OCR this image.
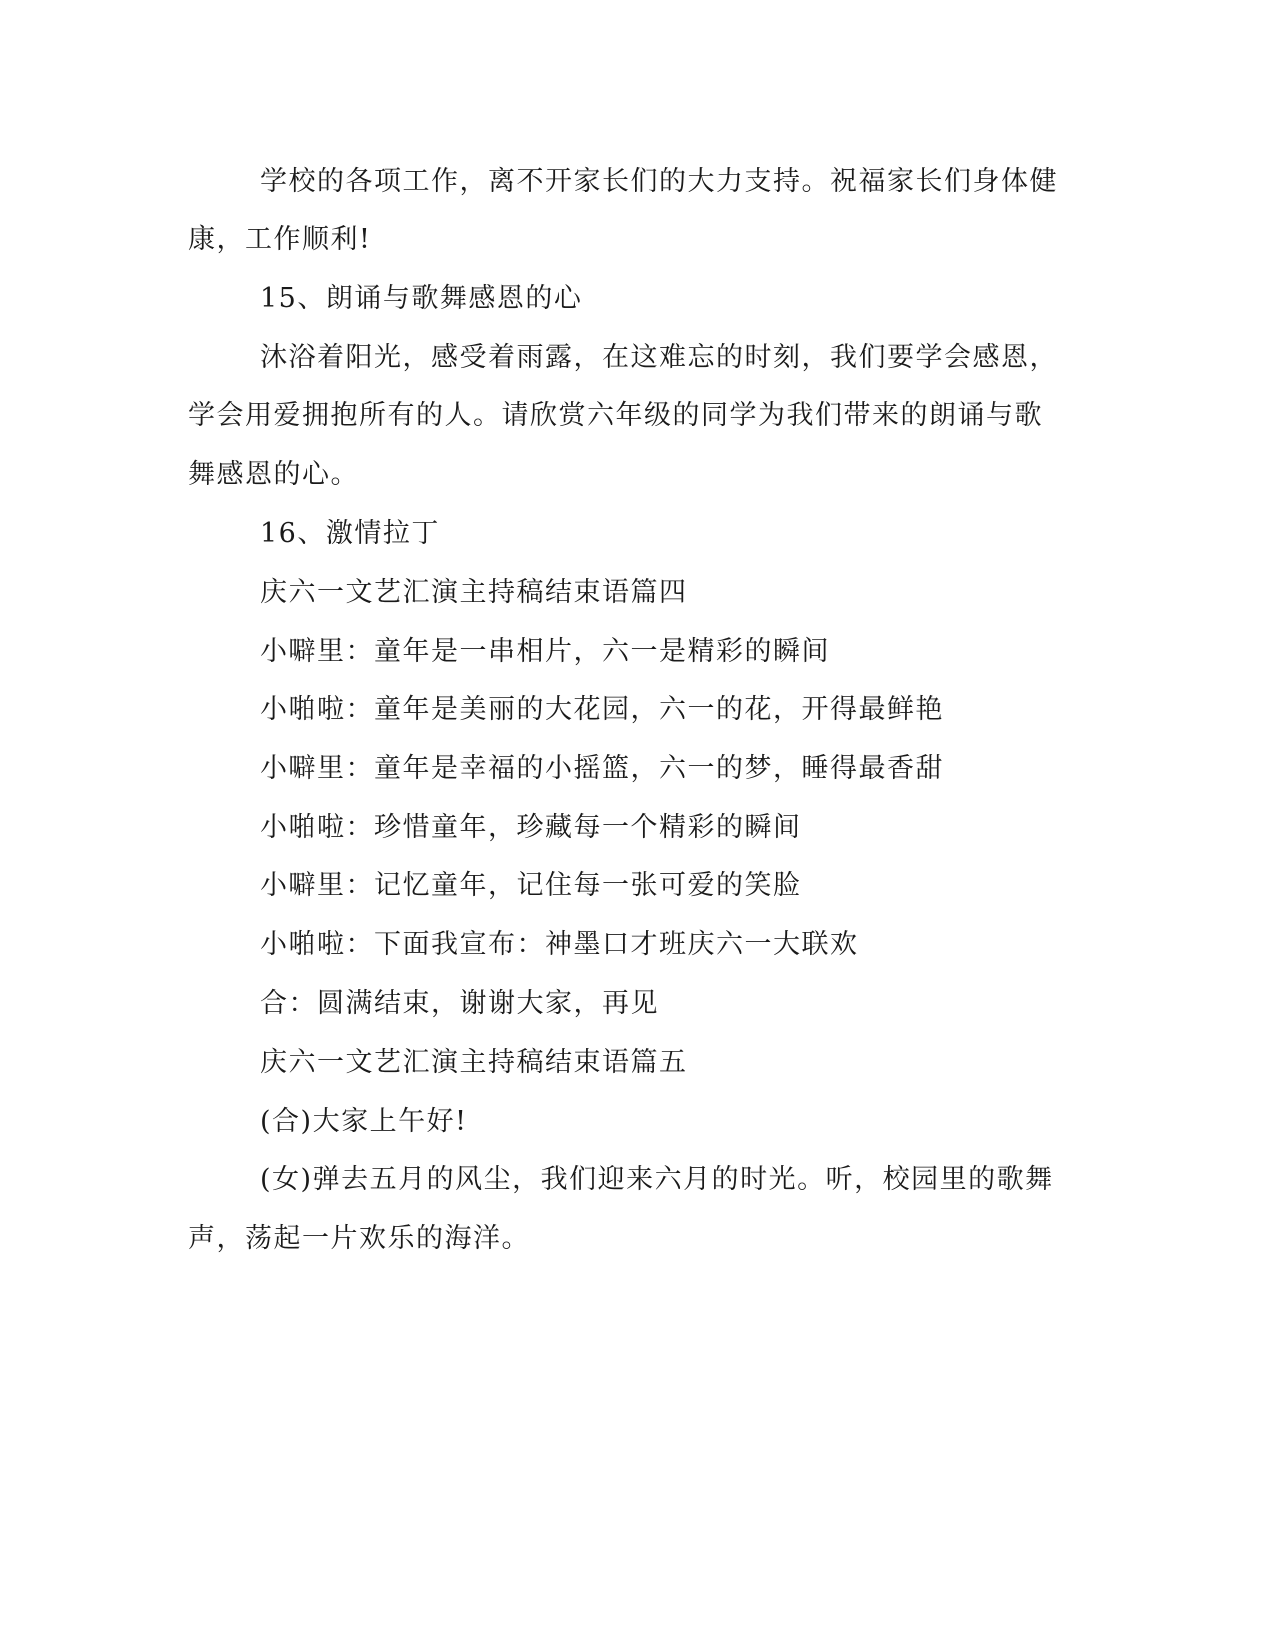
学校的各项工作，离不开家长们的大力支持。祝福家长们身体健
康，工作顺利!
15、朗诵与歌舞感恩的心
沐浴着阳光，感受着雨露，在这难忘的时刻，我们要学会感恩，
学会用爱拥抱所有的人。请欣赏六年级的同学为我们带来的朗诵与歌
舞感恩的心。
16、激情拉丁
庆六一文艺汇演主持稿结束语篇四
小噼里：童年是一串相片，六一是精彩的瞬间
小啪啦：童年是美丽的大花园，六一的花，开得最鲜艳
小噼里：童年是幸福的小摇篮，六一的梦，睡得最香甜
小啪啦：珍惜童年，珍藏每一个精彩的瞬间
小噼里：记忆童年，记住每一张可爱的笑脸
小啪啦：下面我宣布：神墨口才班庆六一大联欢
合：圆满结束，谢谢大家，再见
庆六一文艺汇演主持稿结束语篇五
(合)大家上午好!
(女)弹去五月的风尘，我们迎来六月的时光。听，校园里的歌舞
声，荡起一片欢乐的海洋。
